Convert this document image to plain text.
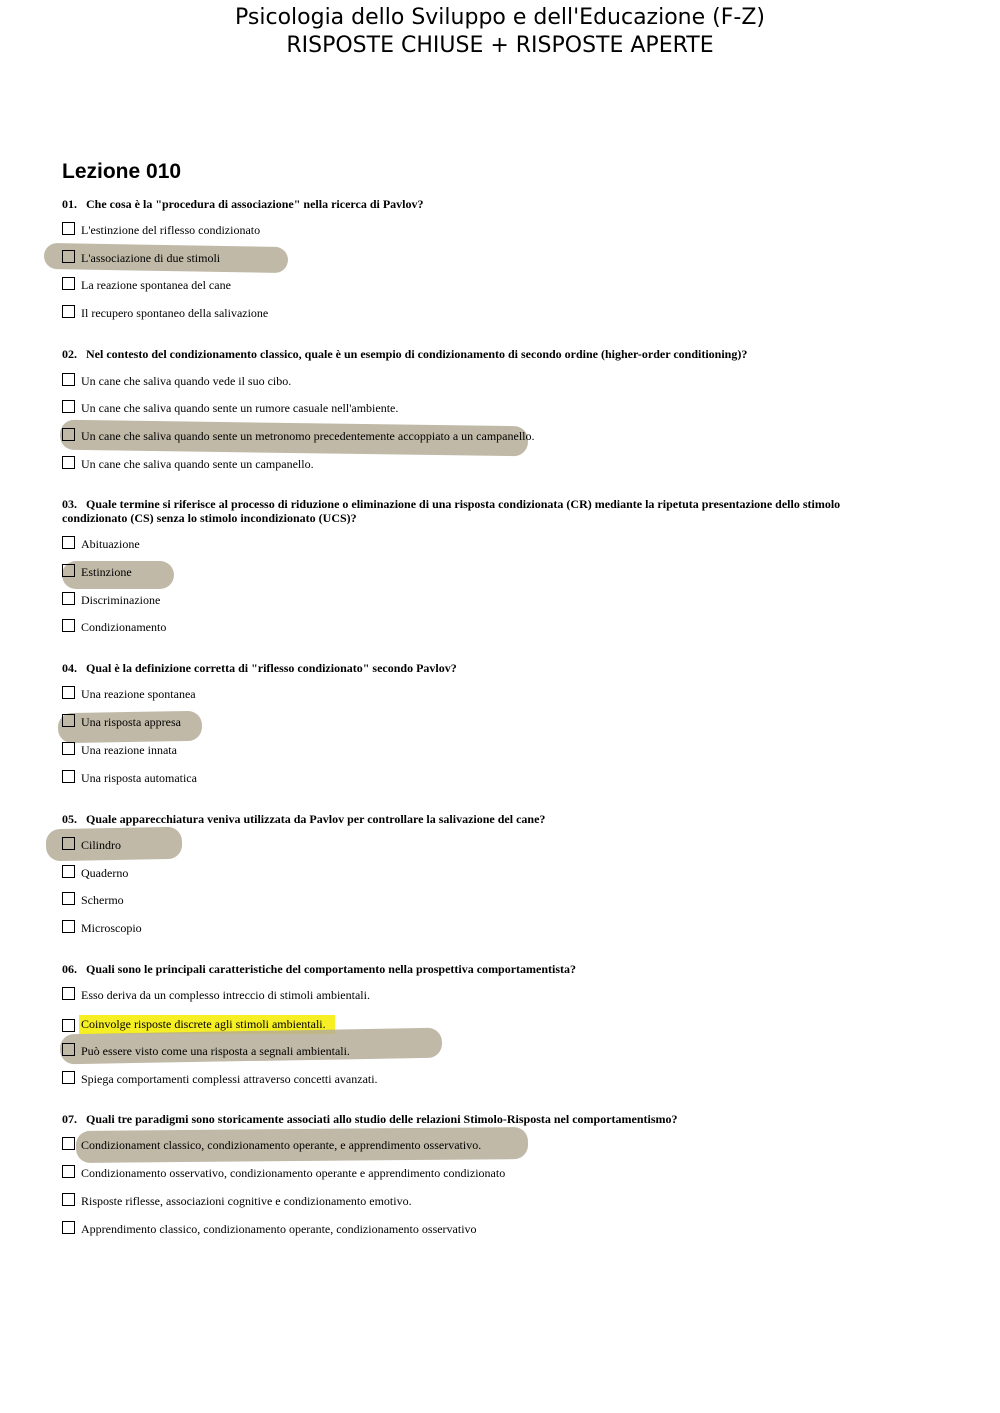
Psicologia dello Sviluppo e dell'Educazione (F-Z)
RISPOSTE CHIUSE + RISPOSTE APERTE
Lezione 010
01. Che cosa è la "procedura di associazione" nella ricerca di Pavlov?
L'estinzione del riflesso condizionato
L'associazione di due stimoli
La reazione spontanea del cane
Il recupero spontaneo della salivazione
02. Nel contesto del condizionamento classico, quale è un esempio di condizionamento di secondo ordine (higher-order conditioning)?
Un cane che saliva quando vede il suo cibo.
Un cane che saliva quando sente un rumore casuale nell'ambiente.
Un cane che saliva quando sente un metronomo precedentemente accoppiato a un campanello.
Un cane che saliva quando sente un campanello.
03. Quale termine si riferisce al processo di riduzione o eliminazione di una risposta condizionata (CR) mediante la ripetuta presentazione dello stimolo condizionato (CS) senza lo stimolo incondizionato (UCS)?
Abituazione
Estinzione
Discriminazione
Condizionamento
04. Qual è la definizione corretta di "riflesso condizionato" secondo Pavlov?
Una reazione spontanea
Una risposta appresa
Una reazione innata
Una risposta automatica
05. Quale apparecchiatura veniva utilizzata da Pavlov per controllare la salivazione del cane?
Cilindro
Quaderno
Schermo
Microscopio
06. Quali sono le principali caratteristiche del comportamento nella prospettiva comportamentista?
Esso deriva da un complesso intreccio di stimoli ambientali.
Coinvolge risposte discrete agli stimoli ambientali.
Può essere visto come una risposta a segnali ambientali.
Spiega comportamenti complessi attraverso concetti avanzati.
07. Quali tre paradigmi sono storicamente associati allo studio delle relazioni Stimolo-Risposta nel comportamentismo?
Condizionament classico, condizionamento operante, e apprendimento osservativo.
Condizionamento osservativo, condizionamento operante e apprendimento condizionato
Risposte riflesse, associazioni cognitive e condizionamento emotivo.
Apprendimento classico, condizionamento operante, condizionamento osservativo
